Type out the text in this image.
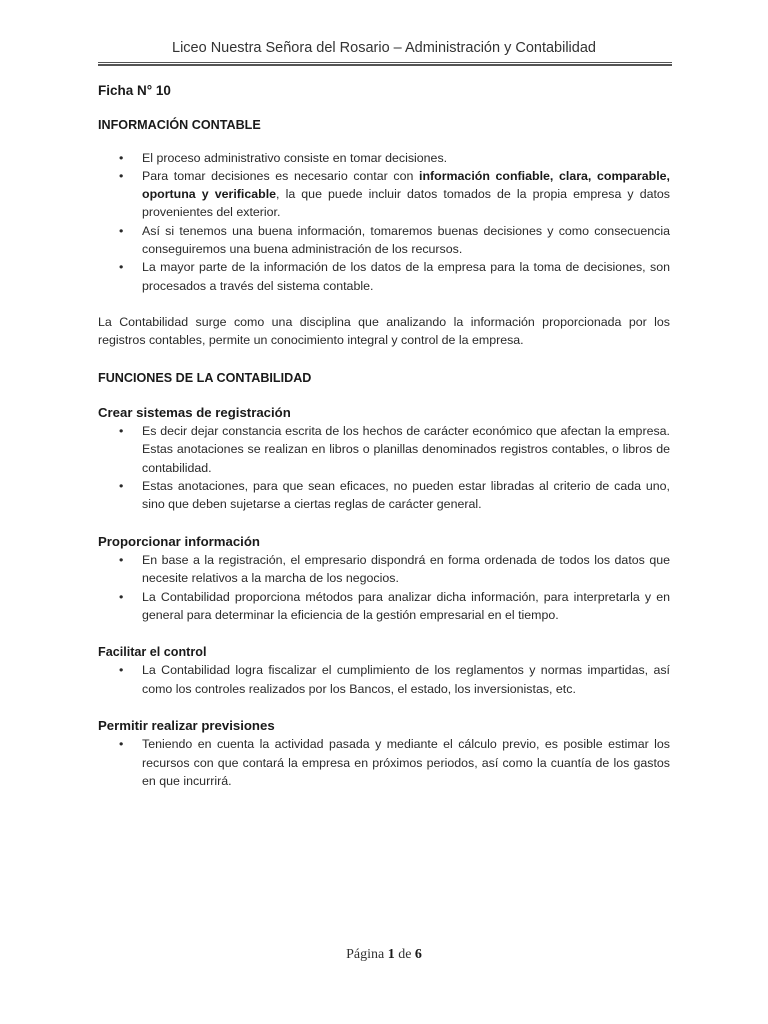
Liceo Nuestra Señora del Rosario – Administración y Contabilidad

Ficha N° 10

INFORMACIÓN CONTABLE

• El proceso administrativo consiste en tomar decisiones.
• Para tomar decisiones es necesario contar con información confiable, clara, comparable, oportuna y verificable, la que puede incluir datos tomados de la propia empresa y datos provenientes del exterior.
• Así si tenemos una buena información, tomaremos buenas decisiones y como consecuencia conseguiremos una buena administración de los recursos.
• La mayor parte de la información de los datos de la empresa para la toma de decisiones, son procesados a través del sistema contable.

La Contabilidad surge como una disciplina que analizando la información proporcionada por los registros contables, permite un conocimiento integral y control de la empresa.

FUNCIONES DE LA CONTABILIDAD

Crear sistemas de registración

• Es decir dejar constancia escrita de los hechos de carácter económico que afectan la empresa. Estas anotaciones se realizan en libros o planillas denominados registros contables, o libros de contabilidad.
• Estas anotaciones, para que sean eficaces, no pueden estar libradas al criterio de cada uno, sino que deben sujetarse a ciertas reglas de carácter general.

Proporcionar información

• En base a la registración, el empresario dispondrá en forma ordenada de todos los datos que necesite relativos a la marcha de los negocios.
• La Contabilidad proporciona métodos para analizar dicha información, para interpretarla y en general para determinar la eficiencia de la gestión empresarial en el tiempo.

Facilitar el control

• La Contabilidad logra fiscalizar el cumplimiento de los reglamentos y normas impartidas, así como los controles realizados por los Bancos, el estado, los inversionistas, etc.

Permitir realizar previsiones

• Teniendo en cuenta la actividad pasada y mediante el cálculo previo, es posible estimar los recursos con que contará la empresa en próximos periodos, así como la cuantía de los gastos en que incurrirá.
Página 1 de 6
